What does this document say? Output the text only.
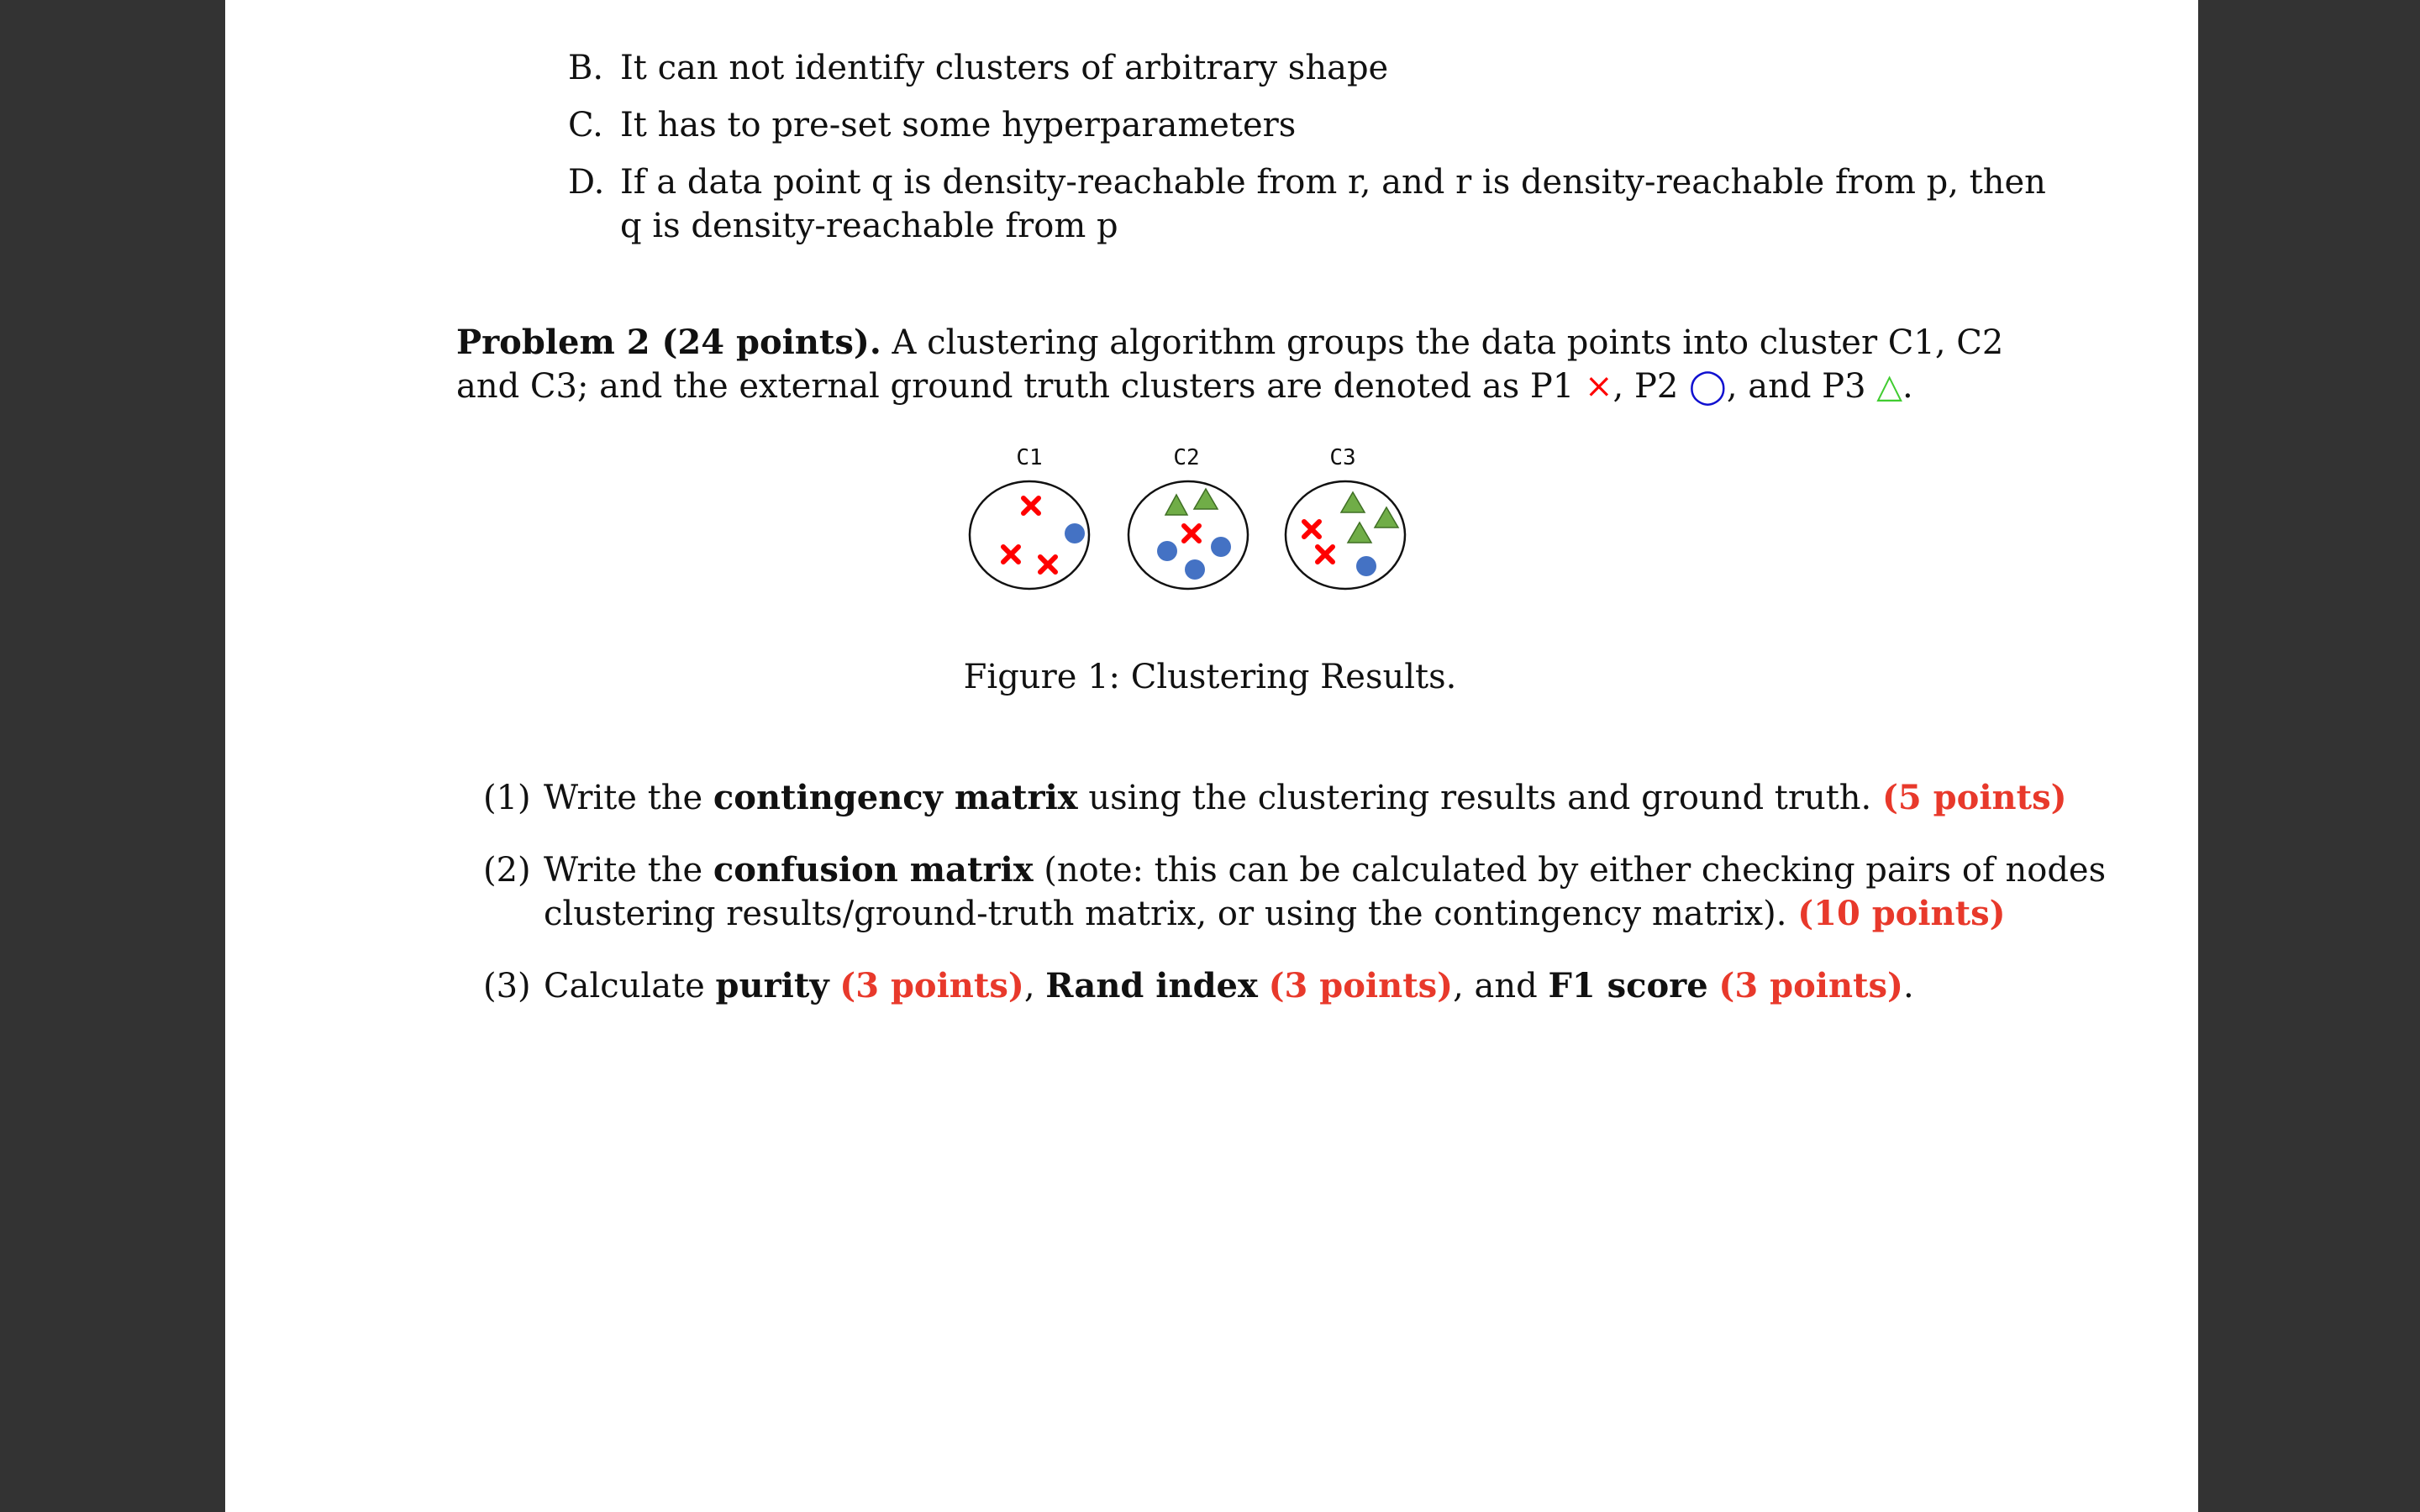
B. It can not identify clusters of arbitrary shape
C. It has to pre-set some hyperparameters
D. If a data point q is density-reachable from r, and r is density-reachable from p, then
q is density-reachable from p
Problem 2 (24 points). A clustering algorithm groups the data points into cluster C1, C2
and C3; and the external ground truth clusters are denoted as P1 ×, P2 ◯, and P3 △.
C1	C2	C3
Figure 1: Clustering Results.
(1) Write the contingency matrix using the clustering results and ground truth. (5 points)
(2) Write the confusion matrix (note: this can be calculated by either checking pairs of nodes
clustering results/ground-truth matrix, or using the contingency matrix). (10 points)
(3) Calculate purity (3 points), Rand index (3 points), and F1 score (3 points).
